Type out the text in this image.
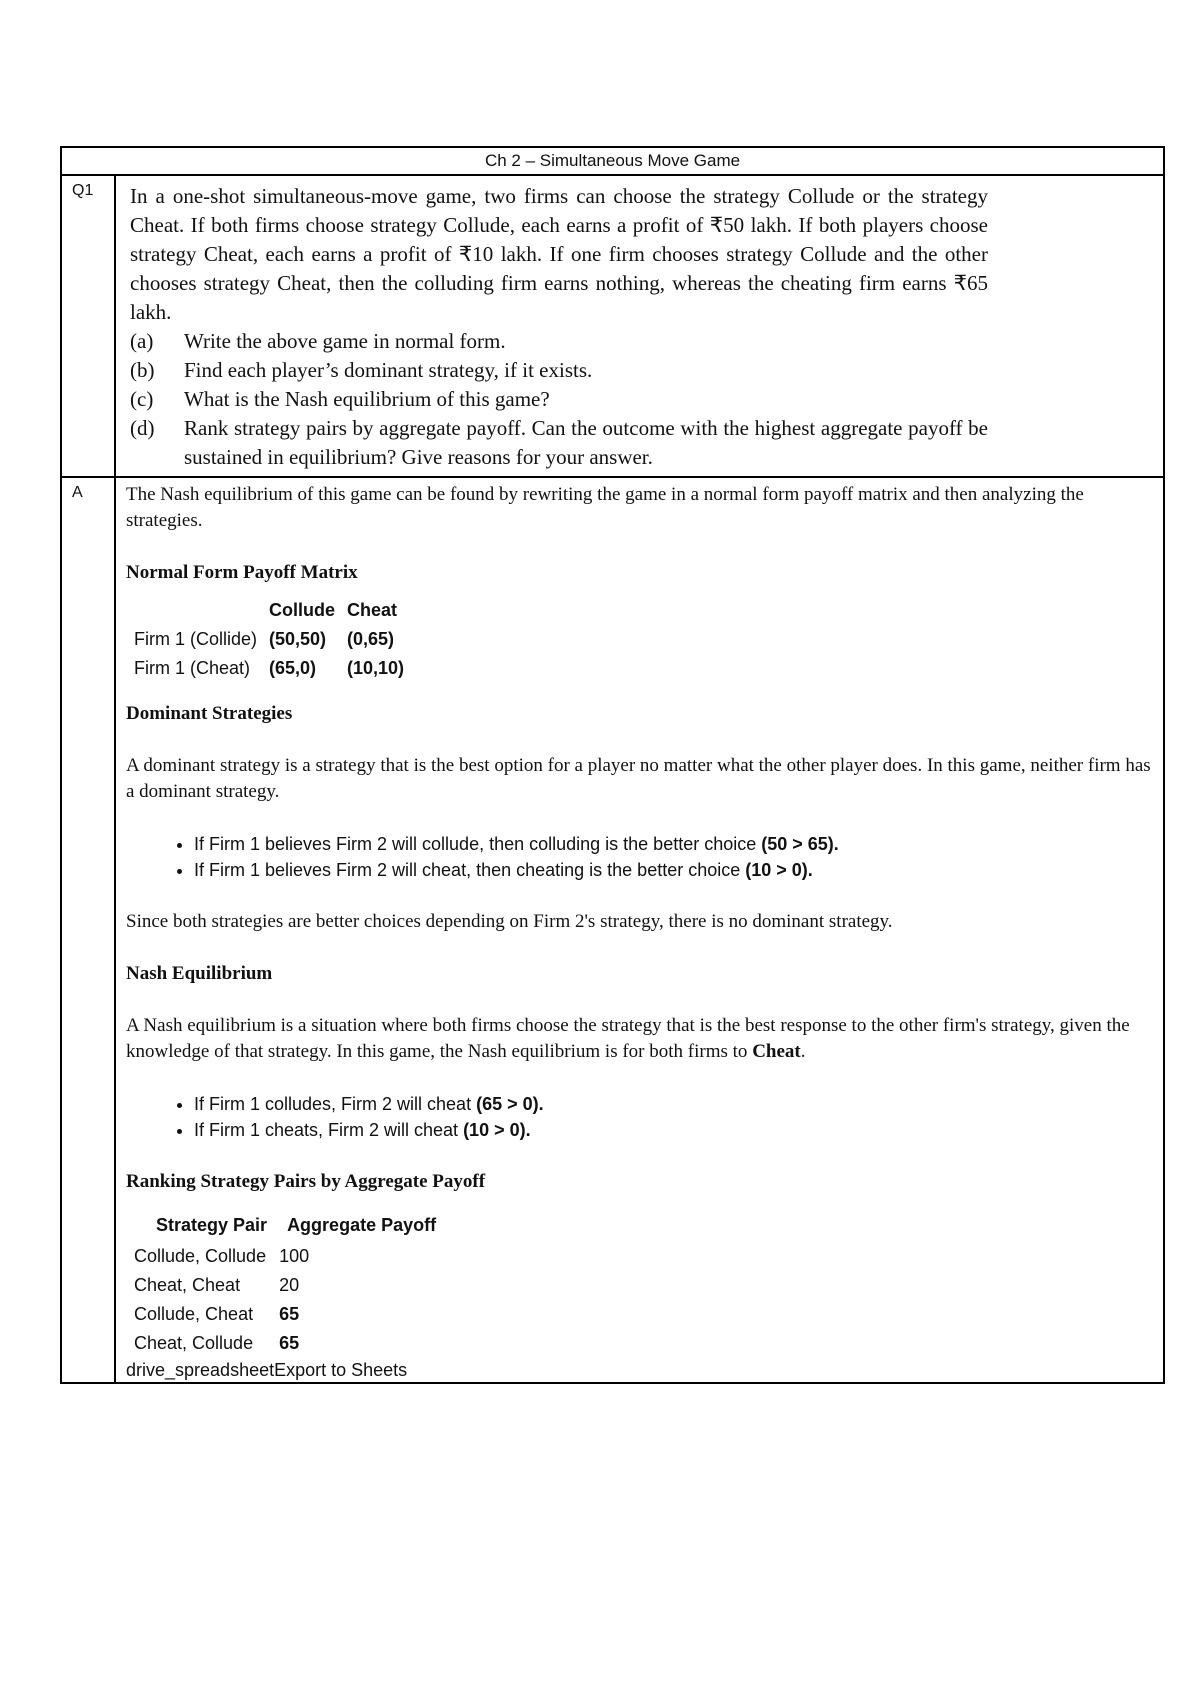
Ch 2 – Simultaneous Move Game
Q1	In a one-shot simultaneous-move game, two firms can choose the strategy Collude or the strategy Cheat. If both firms choose strategy Collude, each earns a profit of ₹50 lakh. If both players choose strategy Cheat, each earns a profit of ₹10 lakh. If one firm chooses strategy Collude and the other chooses strategy Cheat, then the colluding firm earns nothing, whereas the cheating firm earns ₹65 lakh.

(a)	Write the above game in normal form.
(b)	Find each player’s dominant strategy, if it exists.
(c)	What is the Nash equilibrium of this game?
(d)	Rank strategy pairs by aggregate payoff. Can the outcome with the highest aggregate payoff be sustained in equilibrium? Give reasons for your answer.

A	The Nash equilibrium of this game can be found by rewriting the game in a normal form payoff matrix and then analyzing the strategies.

Normal Form Payoff Matrix

	Collude	Cheat
Firm 1 (Collide)	(50,50)	(0,65)
Firm 1 (Cheat)	(65,0)	(10,10)

Dominant Strategies

A dominant strategy is a strategy that is the best option for a player no matter what the other player does. In this game, neither firm has a dominant strategy.

• If Firm 1 believes Firm 2 will collude, then colluding is the better choice (50 > 65).
• If Firm 1 believes Firm 2 will cheat, then cheating is the better choice (10 > 0).

Since both strategies are better choices depending on Firm 2's strategy, there is no dominant strategy.

Nash Equilibrium

A Nash equilibrium is a situation where both firms choose the strategy that is the best response to the other firm's strategy, given the knowledge of that strategy. In this game, the Nash equilibrium is for both firms to Cheat.

• If Firm 1 colludes, Firm 2 will cheat (65 > 0).
• If Firm 1 cheats, Firm 2 will cheat (10 > 0).

Ranking Strategy Pairs by Aggregate Payoff

Strategy Pair	Aggregate Payoff
Collude, Collude	100
Cheat, Cheat	20
Collude, Cheat	65
Cheat, Collude	65
drive_spreadsheetExport to Sheets
